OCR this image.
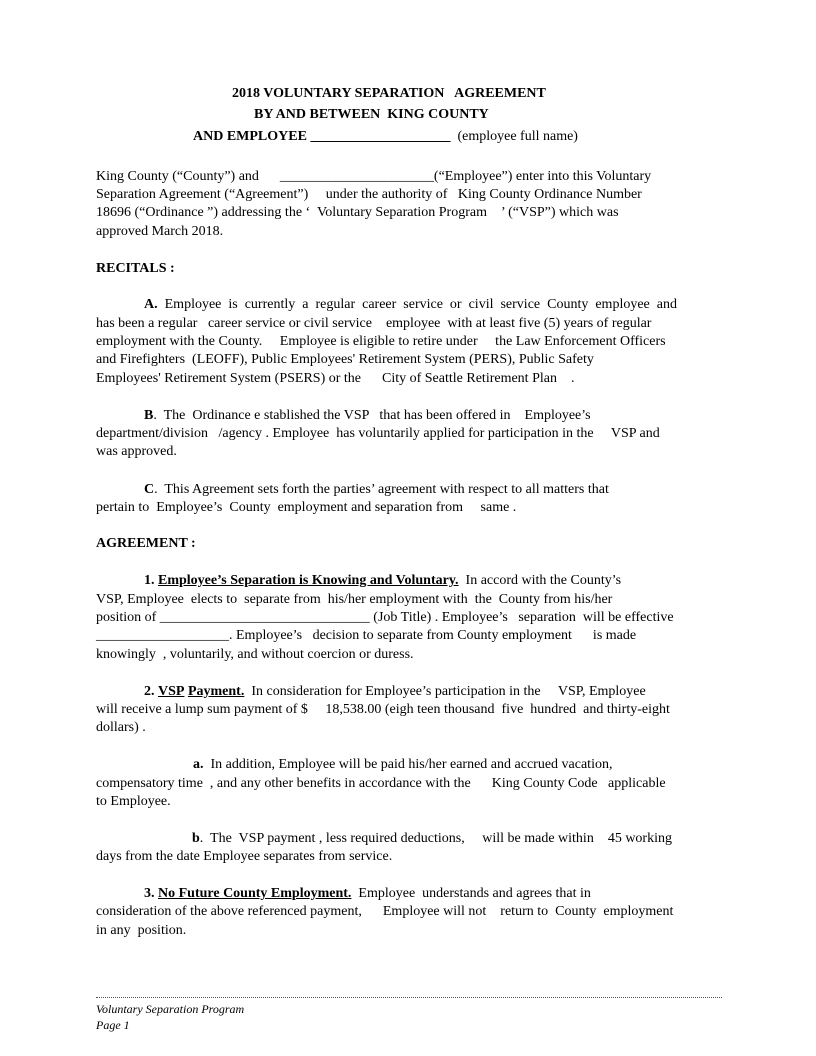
2018 VOLUNTARY SEPARATION   AGREEMENT
BY AND BETWEEN  KING COUNTY
AND EMPLOYEE ____________________  (employee full name)
King County (“County”) and      ______________________(“Employee”) enter into this Voluntary
Separation Agreement (“Agreement”)     under the authority of   King County Ordinance Number
18696 (“Ordinance ”) addressing the ‘  Voluntary Separation Program    ’ (“VSP”) which was
approved March 2018.
RECITALS :
A.  Employee  is  currently  a  regular  career  service  or  civil  service  County  employee  and
has been a regular   career service or civil service    employee  with at least five (5) years of regular
employment with the County.     Employee is eligible to retire under     the Law Enforcement Officers
and Firefighters  (LEOFF), Public Employees' Retirement System (PERS), Public Safety
Employees' Retirement System (PSERS) or the      City of Seattle Retirement Plan    .
B.  The  Ordinance e stablished the VSP   that has been offered in    Employee’s
department/division   /agency . Employee  has voluntarily applied for participation in the     VSP and
was approved.
C.  This Agreement sets forth the parties’ agreement with respect to all matters that
pertain to  Employee’s  County  employment and separation from     same .
AGREEMENT :
1. Employee’s Separation is Knowing and Voluntary.  In accord with the County’s
VSP, Employee  elects to  separate from  his/her employment with  the  County from his/her
position of ______________________________ (Job Title) . Employee’s   separation  will be effective
___________________. Employee’s   decision to separate from County employment      is made
knowingly  , voluntarily, and without coercion or duress.
2. VSP Payment.  In consideration for Employee’s participation in the     VSP, Employee
will receive a lump sum payment of $     18,538.00 (eigh teen thousand  five  hundred  and thirty-eight
dollars) .
a.  In addition, Employee will be paid his/her earned and accrued vacation,
compensatory time  , and any other benefits in accordance with the      King County Code   applicable
to Employee.
b.  The  VSP payment , less required deductions,     will be made within    45 working
days from the date Employee separates from service.
3. No Future County Employment.  Employee  understands and agrees that in
consideration of the above referenced payment,      Employee will not    return to  County  employment
in any  position.
Voluntary Separation Program
Page 1
